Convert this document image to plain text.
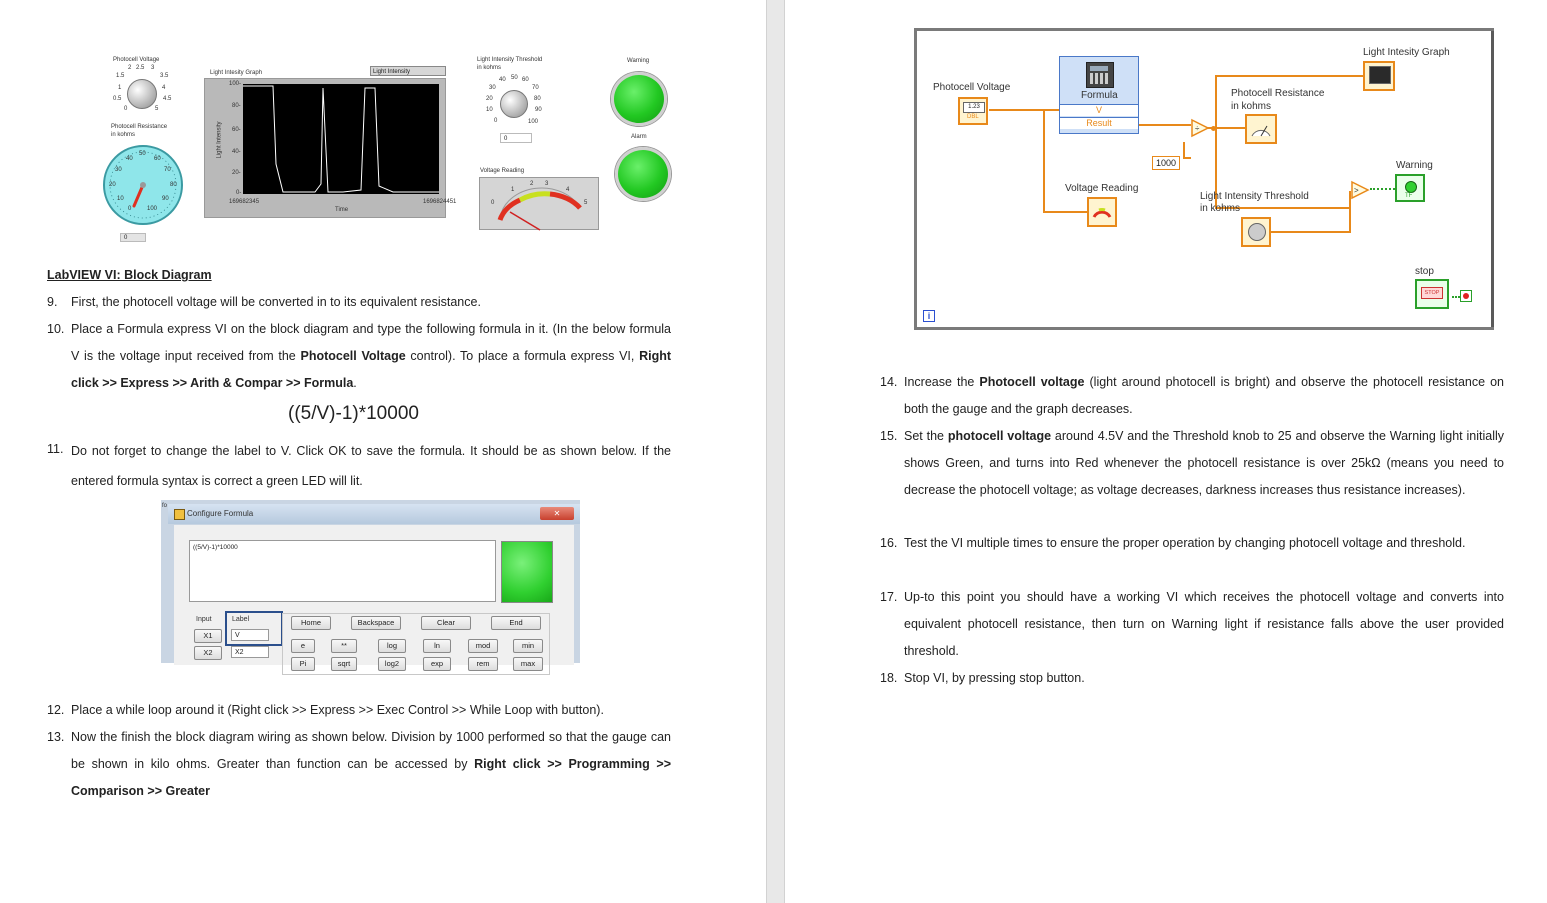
Photocell Voltage
2 2.5 3
1.5	3.5
1	4
0.5	4.5
0	5
Photocell Resistance
in kohms
50
40	60
30	70
20	80
10	90
0	100
0
Light Intesity Graph	Light Intensity
Light Intensity
100-
80-
60-
40-
20-
0-
169682345	1696824451
Time
Light Intensity Threshold
in kohms
40 50 60
30	70
20	80
10	90
0	100
0
Voltage Reading
2 3
1	4
0	5
Warning
Alarm
LabVIEW VI: Block Diagram
9. First, the photocell voltage will be converted in to its equivalent resistance.
10. Place a Formula express VI on the block diagram and type the following formula in it. (In the below formula V is the voltage input received from the Photocell Voltage control). To place a formula express VI, Right click >> Express >> Arith & Compar >> Formula.
((5/V)-1)*10000
11. Do not forget to change the label to V. Click OK to save the formula. It should be as shown below. If the entered formula syntax is correct a green LED will lit.
fo
Configure Formula	✕
((5/V)-1)*10000
Input	Label
X1	V
X2	X2
Home	Backspace	Clear	End
e	**	log	ln	mod	min
Pi	sqrt	log2	exp	rem	max
12. Place a while loop around it (Right click >> Express >> Exec Control >> While Loop with button).
13. Now the finish the block diagram wiring as shown below. Division by 1000 performed so that the gauge can be shown in kilo ohms. Greater than function can be accessed by Right click >> Programming >> Comparison >> Greater
Photocell Voltage
1.23
DBL
Formula
V
Result
1000
÷
Light Intesity Graph
Photocell Resistance
in kohms
Voltage Reading
Light Intensity Threshold
in kohms
>
Warning
TF
stop
STOP
i
14. Increase the Photocell voltage (light around photocell is bright) and observe the photocell resistance on both the gauge and the graph decreases.
15. Set the photocell voltage around 4.5V and the Threshold knob to 25 and observe the Warning light initially shows Green, and turns into Red whenever the photocell resistance is over 25kΩ (means you need to decrease the photocell voltage; as voltage decreases, darkness increases thus resistance increases).
16. Test the VI multiple times to ensure the proper operation by changing photocell voltage and threshold.
17. Up-to this point you should have a working VI which receives the photocell voltage and converts into equivalent photocell resistance, then turn on Warning light if resistance falls above the user provided threshold.
18. Stop VI, by pressing stop button.
